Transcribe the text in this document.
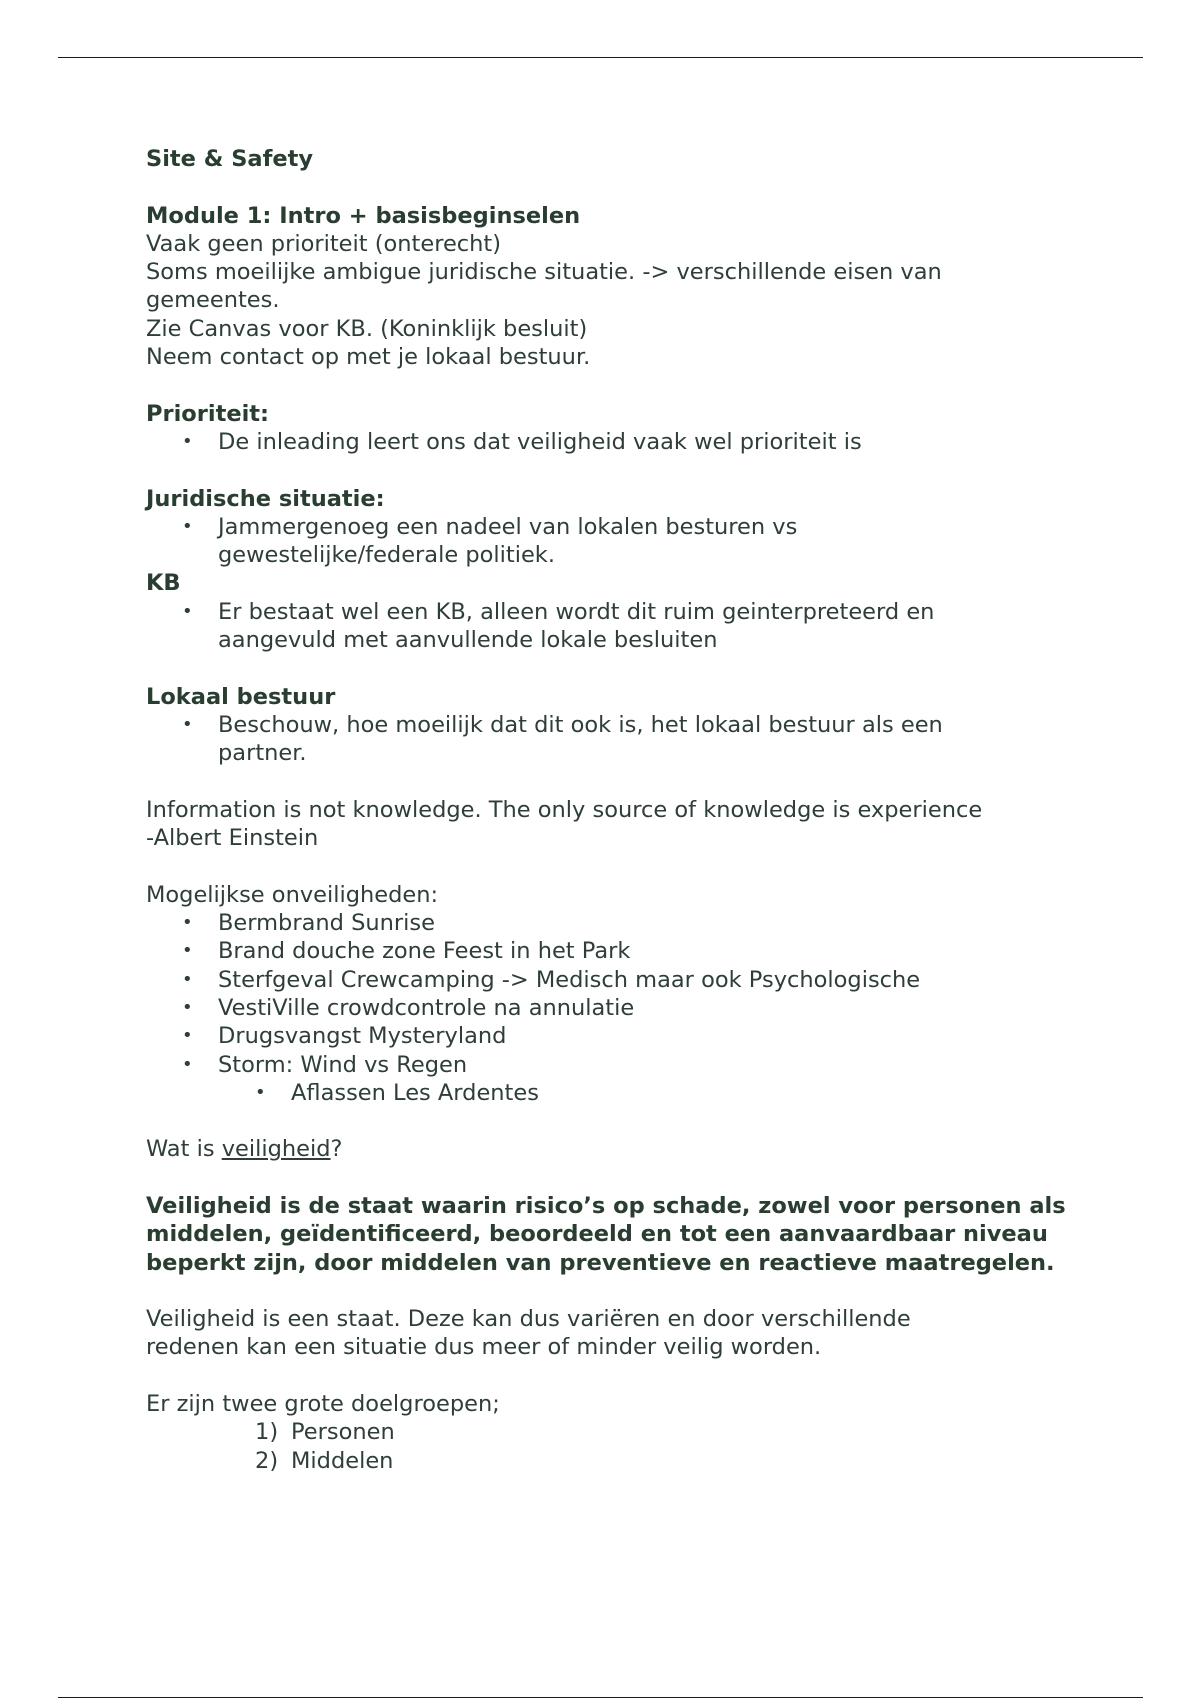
Site & Safety

Module 1: Intro + basisbeginselen

Vaak geen prioriteit (onterecht)

Soms moeilijke ambigue juridische situatie. -> verschillende eisen van

gemeentes.

Zie Canvas voor KB. (Koninklijk besluit)

Neem contact op met je lokaal bestuur.

Prioriteit:

• De inleading leert ons dat veiligheid vaak wel prioriteit is

Juridische situatie:

• Jammergenoeg een nadeel van lokalen besturen vs gewestelijke/federale politiek.

KB

• Er bestaat wel een KB, alleen wordt dit ruim geinterpreteerd en aangevuld met aanvullende lokale besluiten

Lokaal bestuur

• Beschouw, hoe moeilijk dat dit ook is, het lokaal bestuur als een partner.

Information is not knowledge. The only source of knowledge is experience

-Albert Einstein

Mogelijkse onveiligheden:

• Bermbrand Sunrise
• Brand douche zone Feest in het Park
• Sterfgeval Crewcamping -> Medisch maar ook Psychologische
• VestiVille crowdcontrole na annulatie
• Drugsvangst Mysteryland
• Storm: Wind vs Regen
• Aflassen Les Ardentes

Wat is veiligheid?

Veiligheid is de staat waarin risico’s op schade, zowel voor personen als middelen, geïdentificeerd, beoordeeld en tot een aanvaardbaar niveau beperkt zijn, door middelen van preventieve en reactieve maatregelen.

Veiligheid is een staat. Deze kan dus variëren en door verschillende redenen kan een situatie dus meer of minder veilig worden.

Er zijn twee grote doelgroepen;

1) Personen
2) Middelen
